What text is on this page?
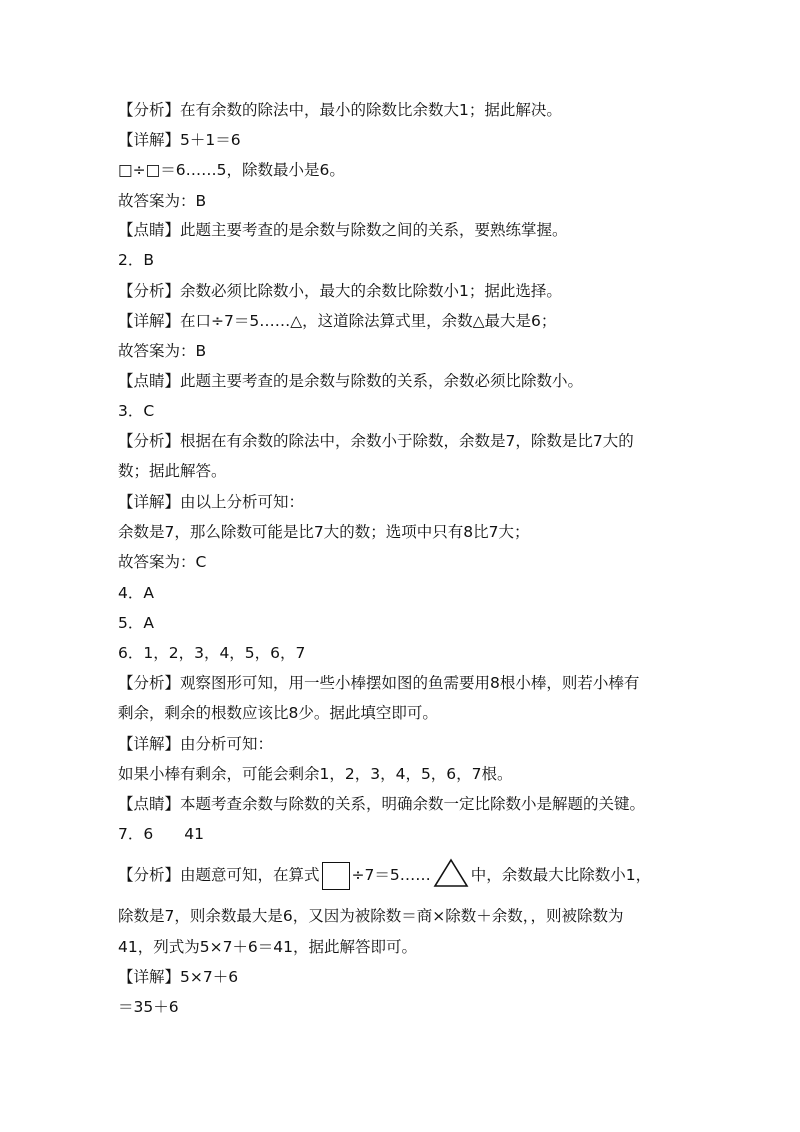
【分析】在有余数的除法中，最小的除数比余数大1；据此解决。
【详解】5＋1＝6
□÷□＝6……5，除数最小是6。
故答案为：B
【点睛】此题主要考查的是余数与除数之间的关系，要熟练掌握。
2．B
【分析】余数必须比除数小，最大的余数比除数小1；据此选择。
【详解】在口÷7＝5……△，这道除法算式里，余数△最大是6；
故答案为：B
【点睛】此题主要考查的是余数与除数的关系，余数必须比除数小。
3．C
【分析】根据在有余数的除法中，余数小于除数，余数是7，除数是比7大的
数；据此解答。
【详解】由以上分析可知：
余数是7，那么除数可能是比7大的数；选项中只有8比7大；
故答案为：C
4．A
5．A
6．1，2，3，4，5，6，7
【分析】观察图形可知，用一些小棒摆如图的鱼需要用8根小棒，则若小棒有
剩余，剩余的根数应该比8少。据此填空即可。
【详解】由分析可知：
如果小棒有剩余，可能会剩余1，2，3，4，5，6，7根。
【点睛】本题考查余数与除数的关系，明确余数一定比除数小是解题的关键。
7．6　　41
【分析】由题意可知，在算式 ÷7＝5……	中，余数最大比除数小1，
除数是7，则余数最大是6，又因为被除数＝商×除数＋余数，，则被除数为
41，列式为5×7＋6＝41，据此解答即可。
【详解】5×7＋6
＝35＋6
